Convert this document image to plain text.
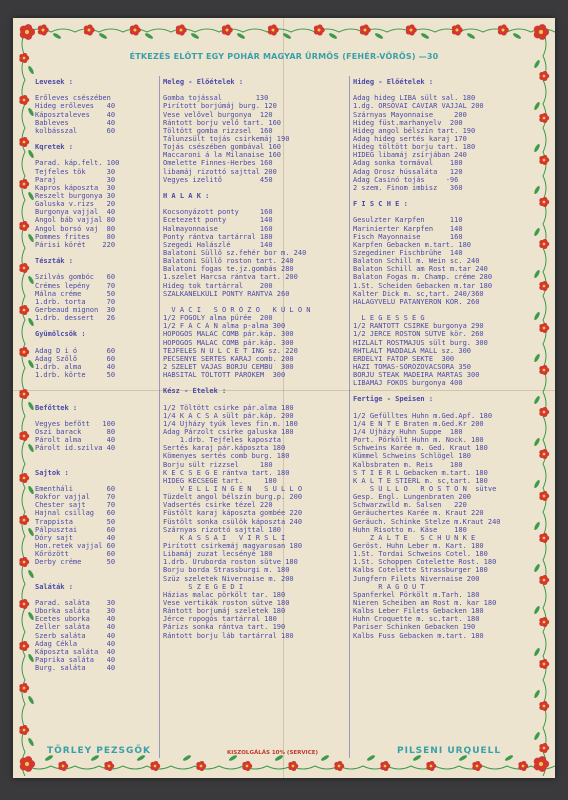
ÉTKEZÉS ELŐTT EGY POHÁR MAGYAR ÜRMÖS (FEHÉR-VÖRÖS) —30
Levesek :
Erőleves csészében
Hideg erőleves   40
Káposztaleves    40
Bableves         40
kolbásszal       60
Kqretek :
Parad. káp.felt. 100
Tejfeles tök     30
Paraj            30
Kapros káposzta  30
Reszelt burgonya 30
Galuska v.rizs   20
Burgonya vajjal  40
Angol báb vajjal 80
Angol borsó vaj  80
Pommes frites    80
Párisi körét    220
Tészták :
Szilvás gombóc   60
Crémes lepény    70
Málna créme      50
1.drb. torta     70
Gerbeaud mignon  30
1.drb. dessert   26
Gyümölcsök :
Adag D i ó       60
Adag Szőlő       60
1.drb. alma      40
1.drb. körte     50
Befőttek :
Vegyes befőtt   100
Őszi barack      80
Párolt alma      40
Párolt id.szilva 40
Sajtok :
Ementháli        60
Rokfor vajjal    70
Chester sajt     70
Hajnal csillag   60
Trappista        50
Pálpusztai       60
Dóry sajt        40
Hon.retek vajjal 60
Kőrözött         60
Derby créme      50
Saláták :
Parad. saláta    30
Uborka saláta    30
Ecetes uborka    40
Zeller saláta    40
Szerb saláta     40
Adag Cékla       40
Káposzta saláta  40
Paprika saláta   40
Burg. saláta     40
Meleg - Előételek :
Gomba tojással        130
Pirított borjúmáj burg. 120
Vese velővel burgonya  120
Rántott borju velő tart. 160
Töltött gomba rizzsel  160
Tálunzsült tojás csirkemáj 190
Tojás csészében gombával 160
Maccaroni á la Milanaise 160
Omelette Finnes-Herbes 160
libamáj rizottó sajttal 200
Vegyes izelitő         450
H A L A K :
Kocsonyázott ponty     160
Ecetezett ponty        140
Halmayonnaise          160
Ponty rántva tartárral 180
Szegedi Halászlé       140
Balatoni Süllő sz.fehér bor m. 240
Balatoni Süllő roston tart. 240
Balatoni fogas te.jz.gombás 280
1.szelet Harcsa rántva tart. 200
Hideg tok tartárral    200
SZALKANÉLKÜLI PONTY RÁNTVA 260
V Á C I   S Ö R Ö Z Ő   K Ü L Ö N
1/2 FOGOLY alma pürée  200
1/2 F Á C Á N alma p-alma 300
HOPOGOS MALAC COMB pár.káp. 300
HOPOGOS MALAC COMB pár.káp. 300
TEJFELES N U L C É T ING sz. 220
PECSENYE SERTÉS KARAJ comb. 200
2 SZELET VAJAS BORJU CEMBU  300
HABSITAL TÖLTÖTT PÁRÓKÉM  300
Kész - Ételek :
1/2 Töltött csirke pár.alma 180
1/4 K A C S A sült pár.káp. 200
1/4 Újházy tyúk leves fin.m. 180
Adag Párzolt csirke galuska 180
1.drb. Tejfeles kaposzta
Sertés karaj pár.káposzta 180
Kömenyes sertés comb burg. 180
Borju sült rizzsel     180
K E C S E G E rántva tart. 180
HIDEG KECSEGE tart.     180
V E L L I N G E N   S Ü L L Ő
Tüzdelt angol bélszín burg.p. 200
Vadsertés csirke tézel 220
Füstölt karaj káposzta gombée 220
Füstölt sonka csülök káposzta 240
Szárnyas rizottó sajttal 180
K A S S A I   V I R S L I
Pirított csirkemáj magyarosan 180
Libamáj zuzat lecsényé 180
1.drb. Úruborda roston sütve 180
Borju borda Strassburgi m. 180
Szüz szeletek Nivernaise m. 200
S Z E G E D I
Házias malac pörkölt tar. 180
Vese vertikák roston sütve 180
Rántott borjumáj szeletek 180
Jérce ropogós tartárral 180
Párizs sonka rántva tart. 190
Rántott borju láb tartárral 180
Hideg - Előételek :
Adag hideg LIBA sült sal. 180
1.dg. ORSOVAI CAVIAR VAJJAL 200
Szárnyas Mayonnaise     200
Hideg füst.marhanyelv  200
Hideg angol bélszín tart. 190
Adag hideg sertés karaj 170
Hideg töltött borju tart. 180
HIDEG libamáj zsírjában 240
Adag sonka tormával    180
Adag Orosz hússaláta   120
Adag Casinó tojás     -96
2 szem. Finom imbisz   360
F I S C H E :
Gesulzter Karpfen      110
Marinierter Karpfen    140
Fisch Mayonnaise       160
Karpfen Gebacken m.tart. 180
Szegediner Fischbrühe  140
Balaton Schill m. Wein sc. 240
Balaton Schill am Rost m.tar 240
Balaton Fogas m. Champ. créme 280
1.St. Scheiden Gebacken m.tar 180
Kalter Dick m. sc,tart. 240/360
HALAGYVELÜ PATANYERON KÖR. 260
L E G E S S É G
1/2 RANTOTT CSIRKE burgonya 290
1/2 JERCE ROSTON SÜTVE kör. 260
HIZLALT ROSTMAJUS sült burg. 300
RHTLALT MADDALA MALL sz. 300
ERDÉLYI FÁTOP SEKTE  300
HÁZI TOMAS-SÖRÖZÖVACSORA 350
BORJU STEAK MADEIRA MÁRTAS 300
LIBAMÁJ FOKOS burgonya 400
Fertige - Speisen :
1/2 Gefülltes Huhn m.Ged.Apf. 180
1/4 E N T E Braten m.Ged.Kr 200
1/4 Újházy Huhn Suppe  180
Port. Pörkölt Huhn m. Nock. 180
Schweins Karée m. Ged. Kraut 180
Kümmel Schweins Schlögel 180
Kalbsbraten m. Reis    180
S T I E R L Gebacken m.tart. 180
K A L T E STIERL m. sc,tart. 180
S Ü L L Ő   R O S T O N  sütve
Gesp. Engl. Lungenbraten 200
Schwarzwild m. Salsen   220
Geräuchertes Karée m. Kraut 220
Geräuch. Schinke Stelze m.Kraut 240
Huhn Risotto m. Käse    180
Z A L T E   S C H U N K E
Geröst. Huhn Leber m. Kart. 180
1.St. Tordai Schweins Cotel. 180
1.St. Schoppen Cotelette Rost. 180
Kalbs Cotelette Strassburger 180
Jungfern Filets Nivernaise 200
R A G O U T
Spanferkel Pörkölt m.Tarh. 180
Nieren Scheiben am Rost m. kar 180
Kalbs Leber Filets Gebacken 180
Huhn Croquette m. sc.tart. 180
Pariser Schinken Gebacken 190
Kalbs Fuss Gebacken m.tart. 180
TÖRLEY PEZSGŐK	KISZOLGÁLÁS 10% (SERVICE)	PILSENI URQUELL
